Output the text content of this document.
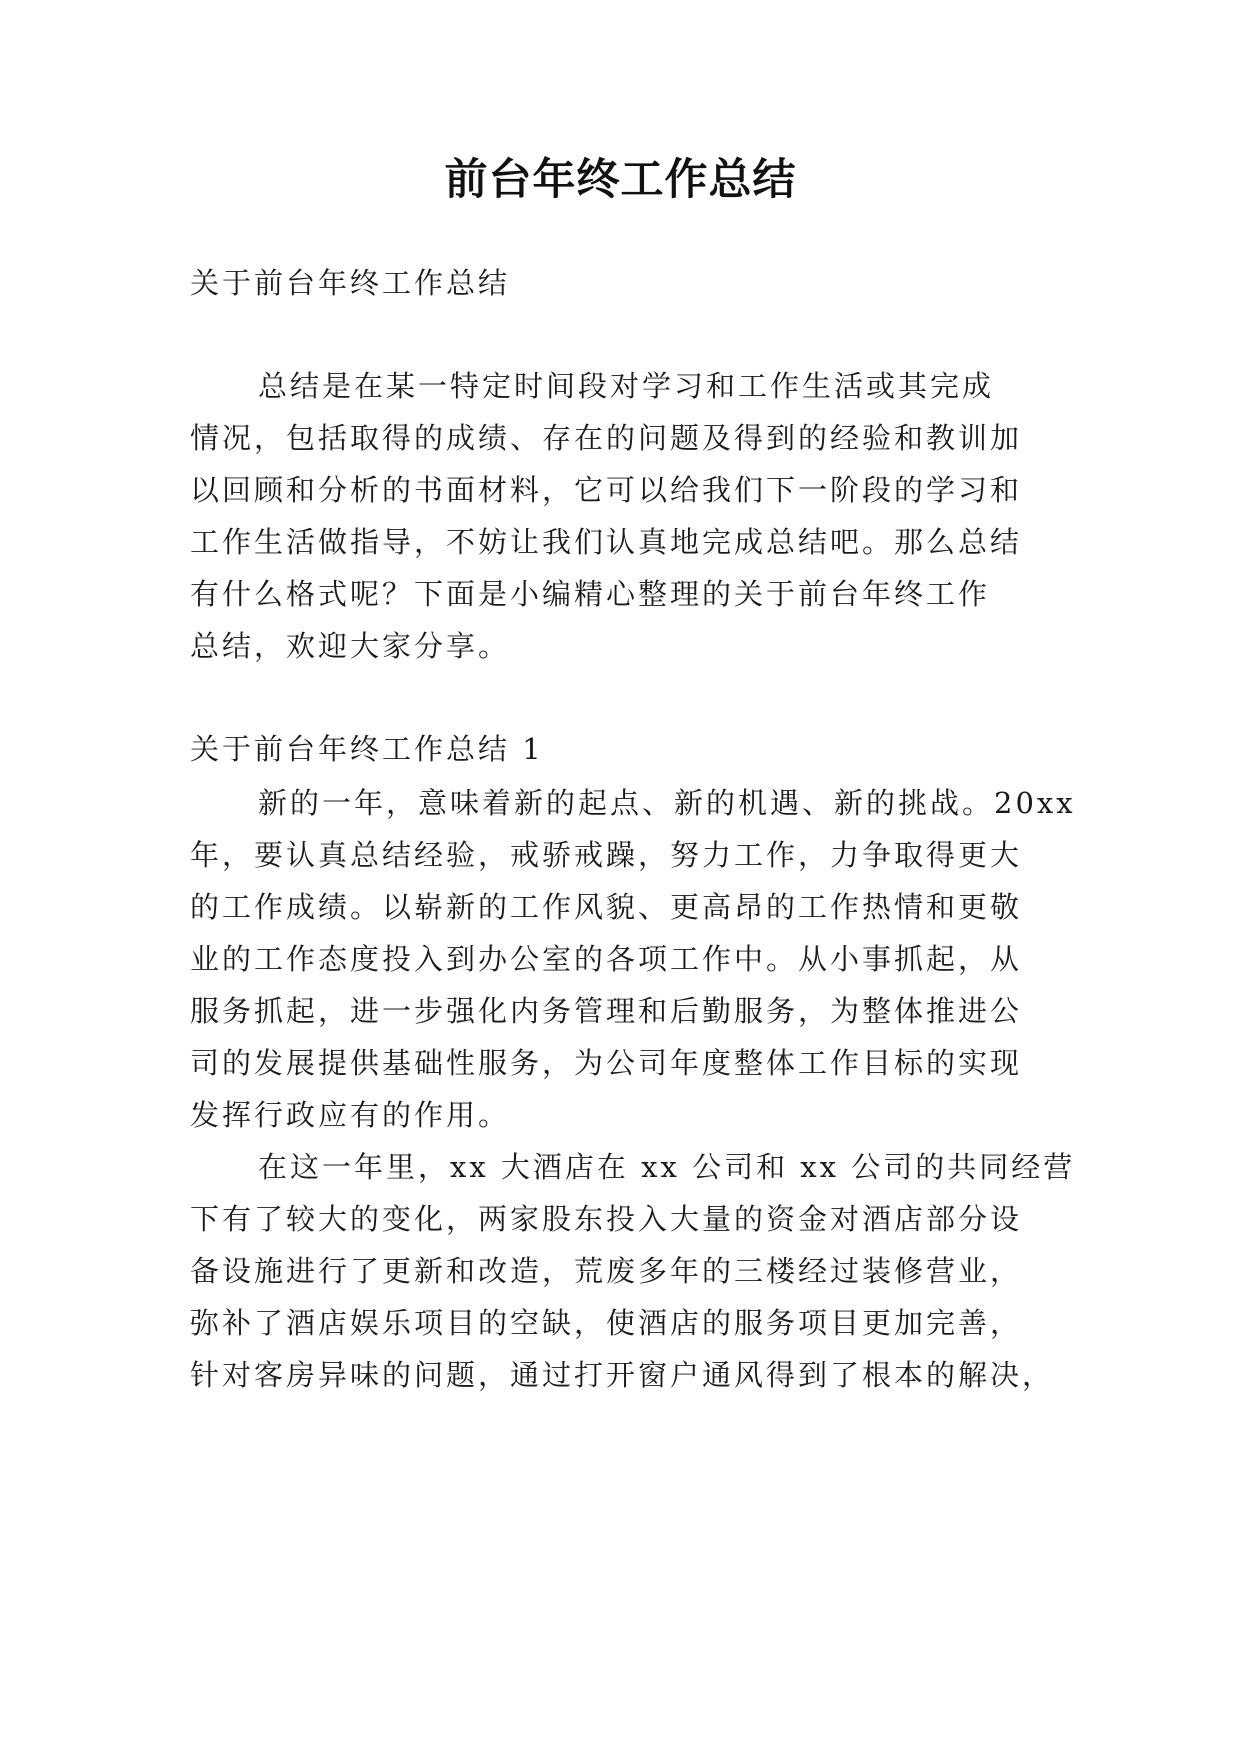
前台年终工作总结

关于前台年终工作总结

总结是在某一特定时间段对学习和工作生活或其完成

情况，包括取得的成绩、存在的问题及得到的经验和教训加

以回顾和分析的书面材料，它可以给我们下一阶段的学习和

工作生活做指导，不妨让我们认真地完成总结吧。那么总结

有什么格式呢？下面是小编精心整理的关于前台年终工作

总结，欢迎大家分享。

关于前台年终工作总结 1

新的一年，意味着新的起点、新的机遇、新的挑战。20xx

年，要认真总结经验，戒骄戒躁，努力工作，力争取得更大

的工作成绩。以崭新的工作风貌、更高昂的工作热情和更敬

业的工作态度投入到办公室的各项工作中。从小事抓起，从

服务抓起，进一步强化内务管理和后勤服务，为整体推进公

司的发展提供基础性服务，为公司年度整体工作目标的实现

发挥行政应有的作用。

在这一年里，xx 大酒店在 xx 公司和 xx 公司的共同经营

下有了较大的变化，两家股东投入大量的资金对酒店部分设

备设施进行了更新和改造，荒废多年的三楼经过装修营业，

弥补了酒店娱乐项目的空缺，使酒店的服务项目更加完善，

针对客房异味的问题，通过打开窗户通风得到了根本的解决，
